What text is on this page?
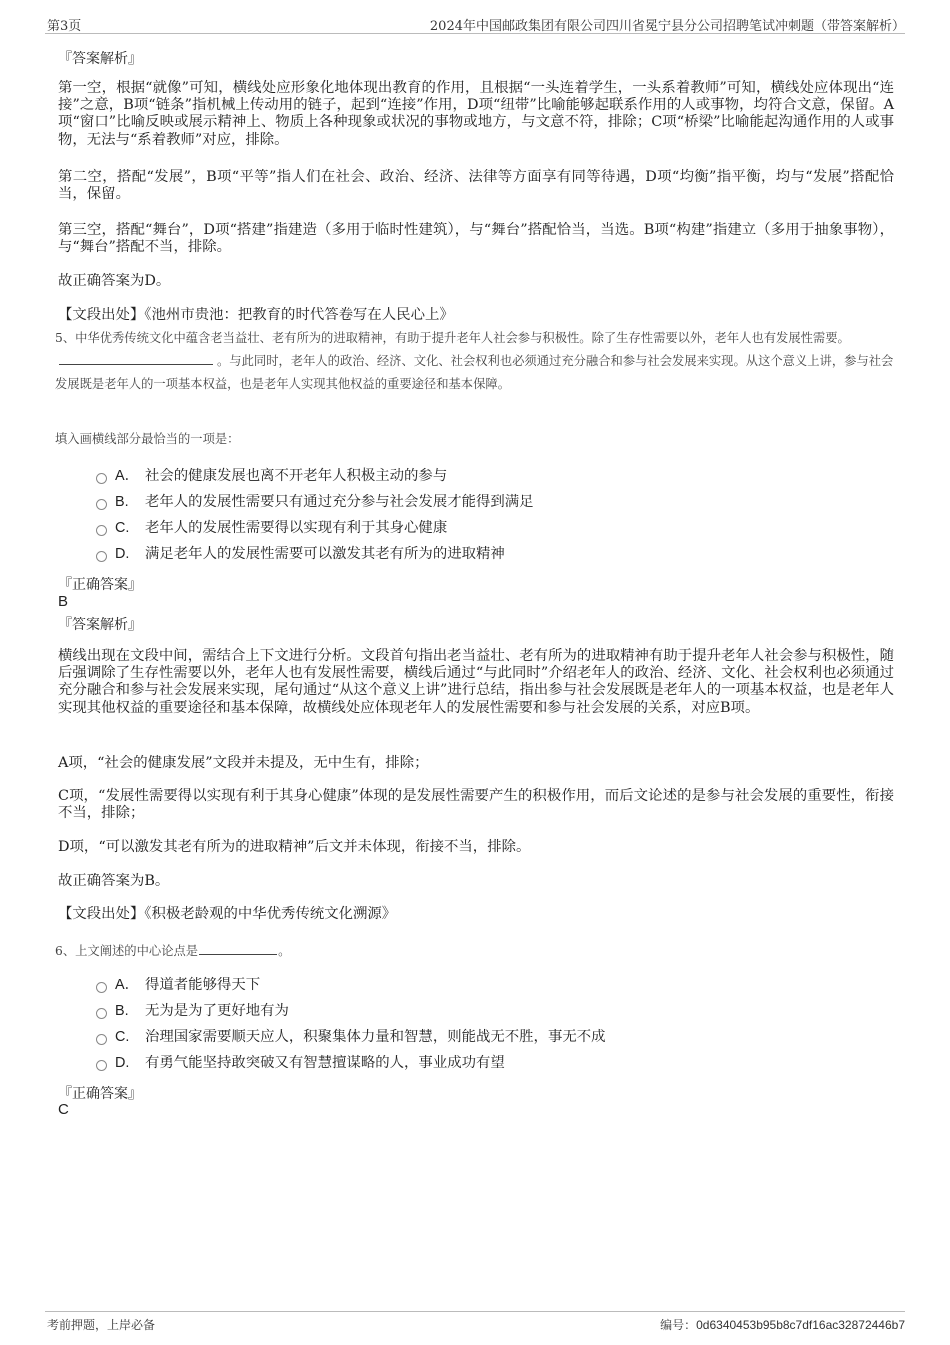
第3页	2024年中国邮政集团有限公司四川省冕宁县分公司招聘笔试冲刺题（带答案解析）
『答案解析』
第一空，根据“就像”可知，横线处应形象化地体现出教育的作用，且根据“一头连着学生，一头系着教师”可知，横线处应体现出“连接”之意，B项“链条”指机械上传动用的链子，起到“连接”作用，D项“纽带”比喻能够起联系作用的人或事物，均符合文意，保留。A项“窗口”比喻反映或展示精神上、物质上各种现象或状况的事物或地方，与文意不符，排除；C项“桥梁”比喻能起沟通作用的人或事物，无法与“系着教师”对应，排除。
第二空，搭配“发展”，B项“平等”指人们在社会、政治、经济、法律等方面享有同等待遇，D项“均衡”指平衡，均与“发展”搭配恰当，保留。
第三空，搭配“舞台”，D项“搭建”指建造（多用于临时性建筑），与“舞台”搭配恰当，当选。B项“构建”指建立（多用于抽象事物），与“舞台”搭配不当，排除。
故正确答案为D。
【文段出处】《池州市贵池：把教育的时代答卷写在人民心上》
5、中华优秀传统文化中蕴含老当益壮、老有所为的进取精神，有助于提升老年人社会参与积极性。除了生存性需要以外，老年人也有发展性需要。。与此同时，老年人的政治、经济、文化、社会权利也必须通过充分融合和参与社会发展来实现。从这个意义上讲，参与社会发展既是老年人的一项基本权益，也是老年人实现其他权益的重要途径和基本保障。
填入画横线部分最恰当的一项是：
A． 社会的健康发展也离不开老年人积极主动的参与
B.	老年人的发展性需要只有通过充分参与社会发展才能得到满足
C.	老年人的发展性需要得以实现有利于其身心健康
D.	满足老年人的发展性需要可以激发其老有所为的进取精神
『正确答案』
B
『答案解析』
横线出现在文段中间，需结合上下文进行分析。文段首句指出老当益壮、老有所为的进取精神有助于提升老年人社会参与积极性，随后强调除了生存性需要以外，老年人也有发展性需要，横线后通过“与此同时”介绍老年人的政治、经济、文化、社会权利也必须通过充分融合和参与社会发展来实现，尾句通过“从这个意义上讲”进行总结，指出参与社会发展既是老年人的一项基本权益，也是老年人实现其他权益的重要途径和基本保障，故横线处应体现老年人的发展性需要和参与社会发展的关系，对应B项。
A项，“社会的健康发展”文段并未提及，无中生有，排除；
C项，“发展性需要得以实现有利于其身心健康”体现的是发展性需要产生的积极作用，而后文论述的是参与社会发展的重要性，衔接不当，排除；
D项，“可以激发其老有所为的进取精神”后文并未体现，衔接不当，排除。
故正确答案为B。
【文段出处】《积极老龄观的中华优秀传统文化溯源》
6、上文阐述的中心论点是	。
A． 得道者能够得天下
B.	无为是为了更好地有为
C.	治理国家需要顺天应人，积聚集体力量和智慧，则能战无不胜，事无不成
D.	有勇气能坚持敢突破又有智慧擅谋略的人，事业成功有望
『正确答案』
C
考前押题，上岸必备	编号：0d6340453b95b8c7df16ac32872446b7
